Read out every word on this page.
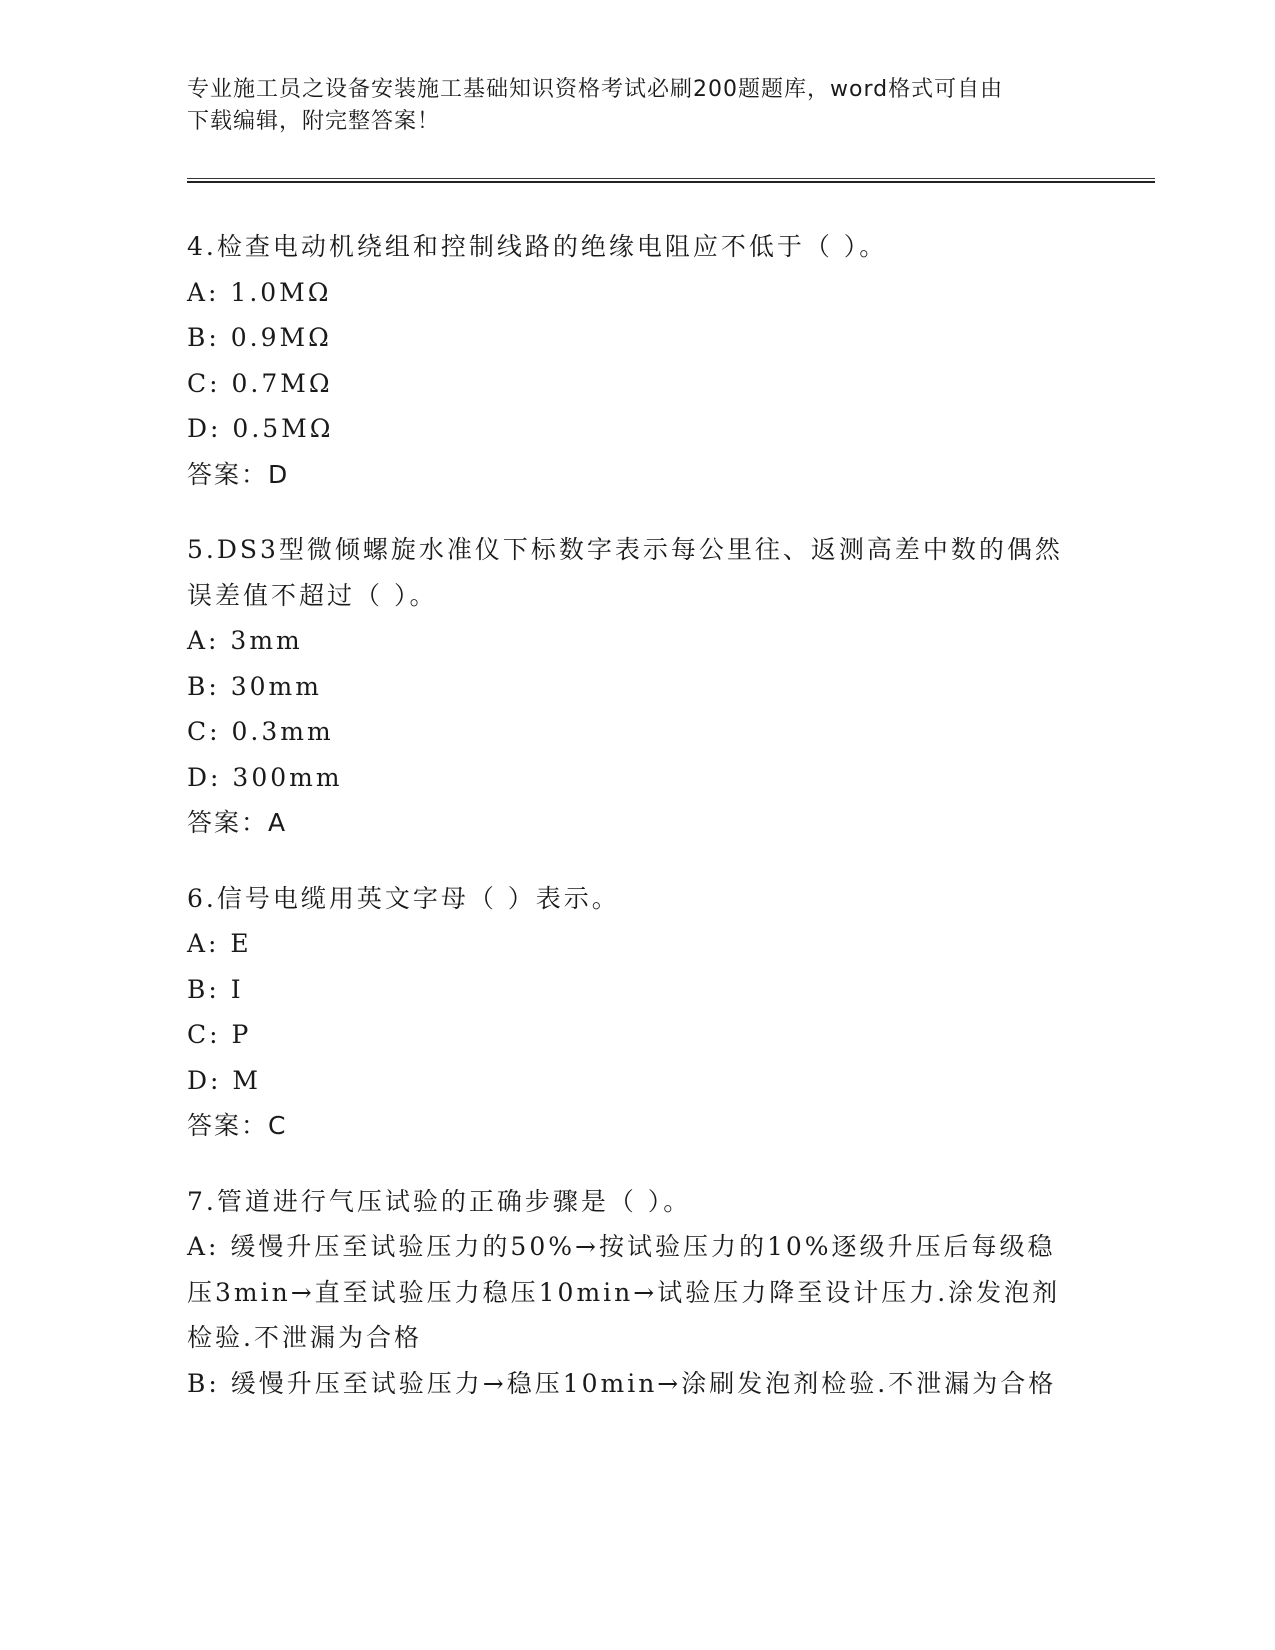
专业施工员之设备安装施工基础知识资格考试必刷200题题库，word格式可自由
下载编辑，附完整答案！

4.检查电动机绕组和控制线路的绝缘电阻应不低于（ ）。

A: 1.0MΩ

B: 0.9MΩ

C: 0.7MΩ

D: 0.5MΩ

答案：D

5.DS3型微倾螺旋水准仪下标数字表示每公里往、返测高差中数的偶然

误差值不超过（ ）。

A: 3mm

B: 30mm

C: 0.3mm

D: 300mm

答案：A

6.信号电缆用英文字母（ ）表示。

A: E

B: I

C: P

D: M

答案：C

7.管道进行气压试验的正确步骤是（ ）。

A: 缓慢升压至试验压力的50%→按试验压力的10%逐级升压后每级稳

压3min→直至试验压力稳压10min→试验压力降至设计压力.涂发泡剂

检验.不泄漏为合格

B: 缓慢升压至试验压力→稳压10min→涂刷发泡剂检验.不泄漏为合格
